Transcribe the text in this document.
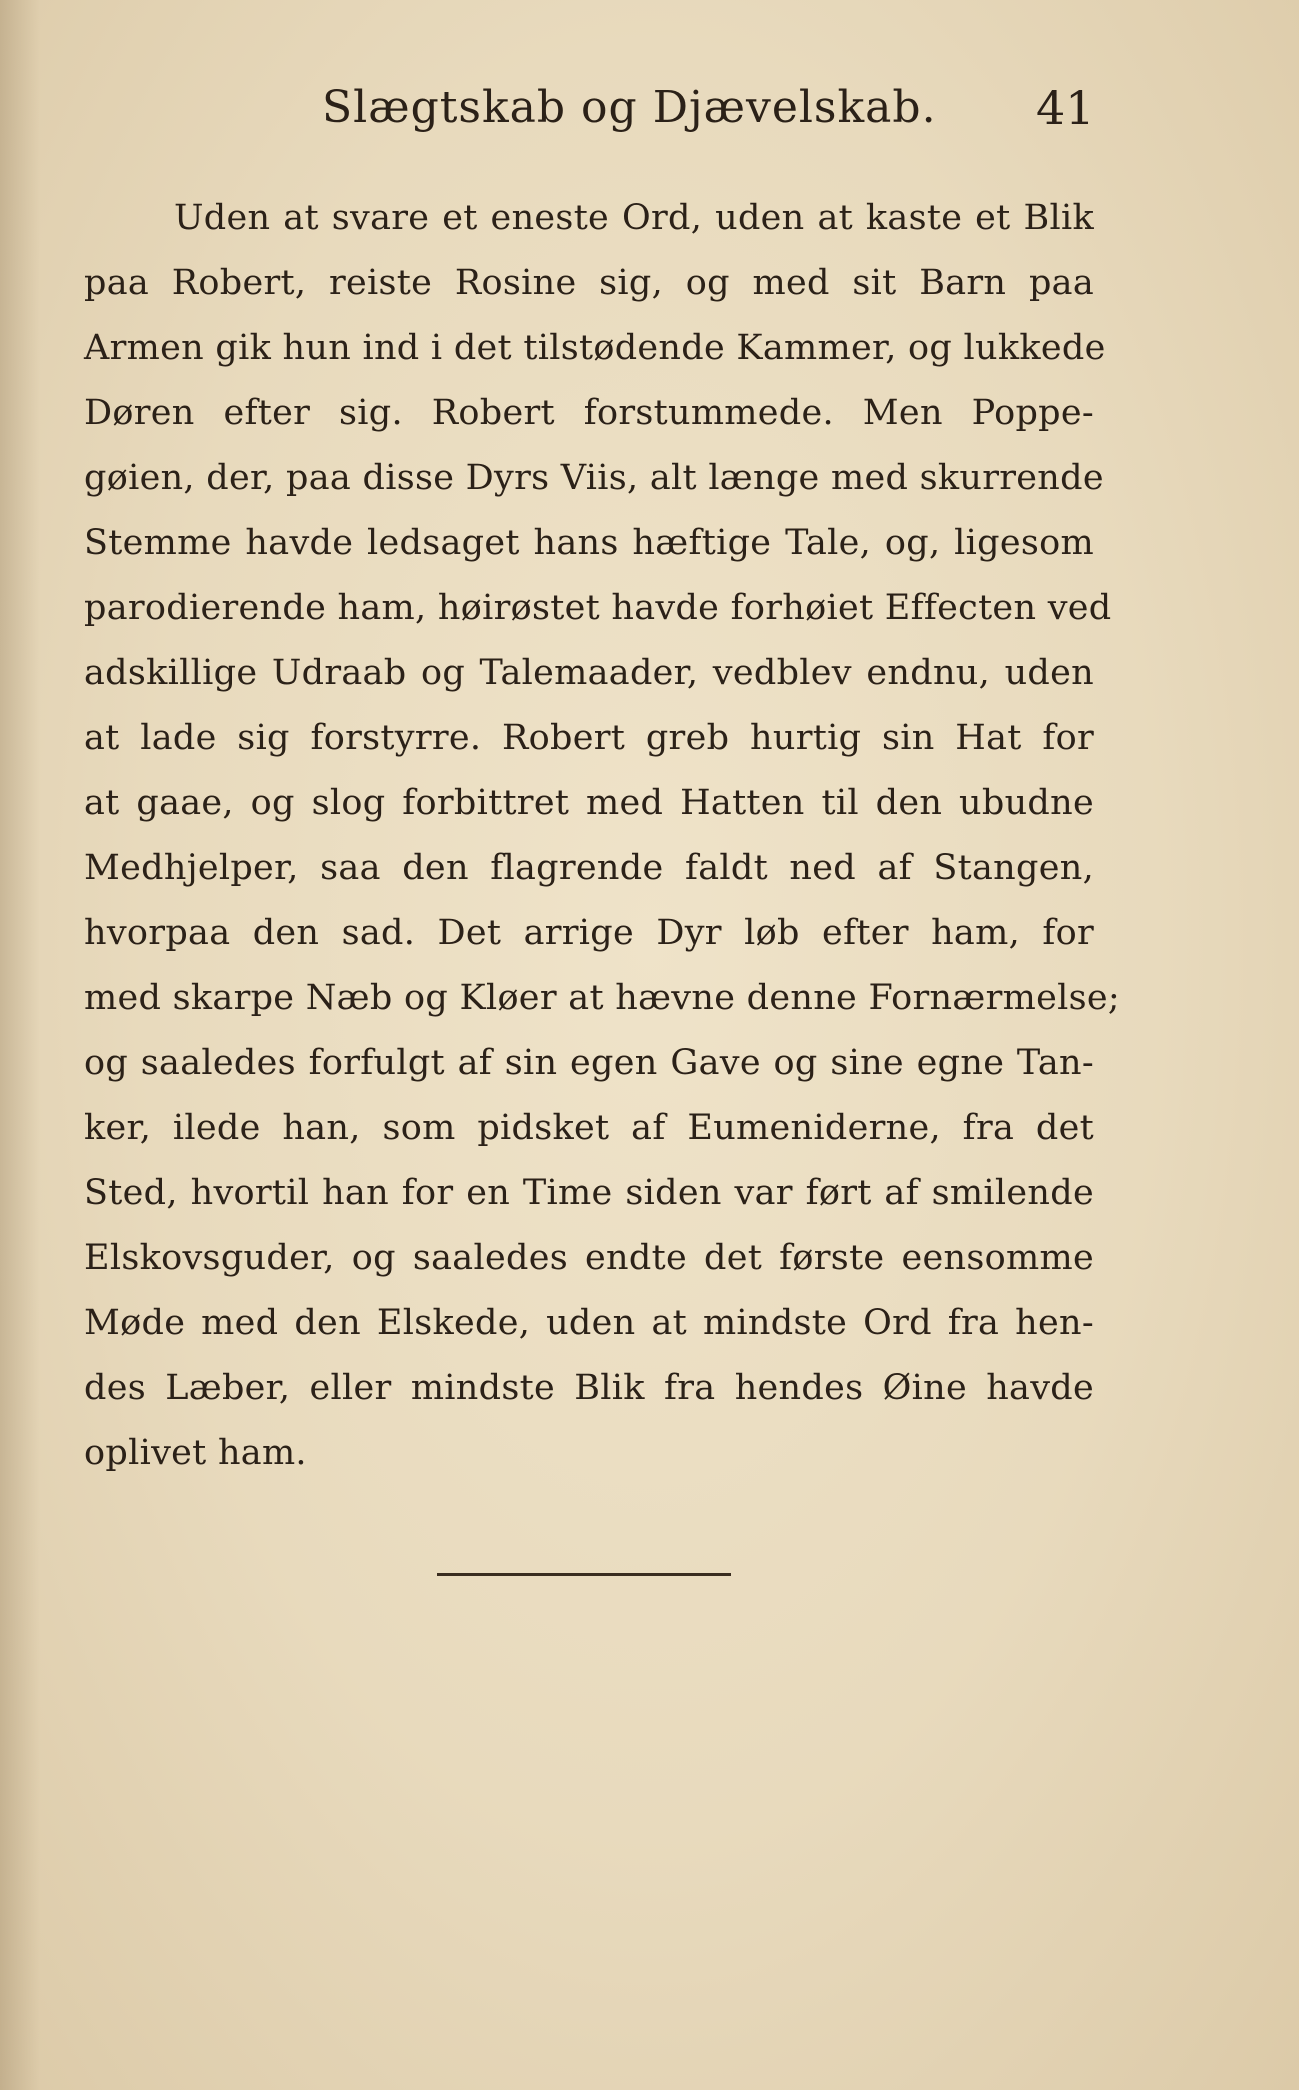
Slægtskab og Djævelskab. 41
Uden at svare et eneste Ord, uden at kaste et Blik
paa Robert, reiste Rosine sig, og med sit Barn paa
Armen gik hun ind i det tilstødende Kammer, og lukkede
Døren efter sig. Robert forstummede. Men Poppe-
gøien, der, paa disse Dyrs Viis, alt længe med skurrende
Stemme havde ledsaget hans hæftige Tale, og, ligesom
parodierende ham, høirøstet havde forhøiet Effecten ved
adskillige Udraab og Talemaader, vedblev endnu, uden
at lade sig forstyrre. Robert greb hurtig sin Hat for
at gaae, og slog forbittret med Hatten til den ubudne
Medhjelper, saa den flagrende faldt ned af Stangen,
hvorpaa den sad. Det arrige Dyr løb efter ham, for
med skarpe Næb og Kløer at hævne denne Fornærmelse;
og saaledes forfulgt af sin egen Gave og sine egne Tan-
ker, ilede han, som pidsket af Eumeniderne, fra det
Sted, hvortil han for en Time siden var ført af smilende
Elskovsguder, og saaledes endte det første eensomme
Møde med den Elskede, uden at mindste Ord fra hen-
des Læber, eller mindste Blik fra hendes Øine havde
oplivet ham.
